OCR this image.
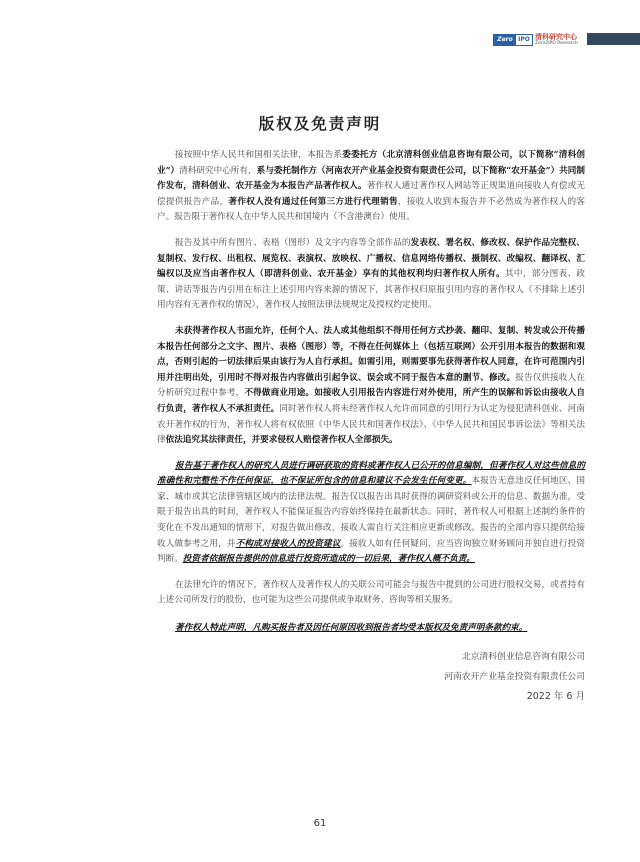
Zero IPO 清科研究中心
Zero2IPO Research
版权及免责声明

接按照中华人民共和国相关法律，本报告系委委托方（北京清科创业信息咨询有限公司，以下简称“清科创业”）清科研究中心所有，系与委托制作方（河南农开产业基金投资有限责任公司，以下简称“农开基金”）共同制作发布，清科创业、农开基金为本报告产品著作权人。著作权人通过著作权人网站等正规渠道向接收人有偿或无偿提供报告产品，著作权人没有通过任何第三方进行代理销售，接收人收到本报告并不必然成为著作权人的客户。报告限于著作权人在中华人民共和国境内（不含港澳台）使用。

报告及其中所有图片、表格（图形）及文字内容等全部作品的发表权、署名权、修改权、保护作品完整权、复制权、发行权、出租权、展览权、表演权、放映权、广播权、信息网络传播权、摄制权、改编权、翻译权、汇编权以及应当由著作权人（即清科创业、农开基金）享有的其他权利均归著作权人所有。其中，部分图表、政策、讲话等报告内引用在标注上述引用内容来源的情况下，其著作权归原报引用内容的著作权人（不排除上述引用内容有无著作权的情况），著作权人按照法律法规规定及授权约定使用。

未获得著作权人书面允许，任何个人、法人或其他组织不得用任何方式抄袭、翻印、复制、转发或公开传播本报告任何部分之文字、图片、表格（图形）等，不得在任何媒体上（包括互联网）公开引用本报告的数据和观点，否则引起的一切法律后果由该行为人自行承担。如需引用，则需要事先获得著作权人同意，在许可范围内引用并注明出处，引用时不得对报告内容做出引起争议、误会或不同于报告本意的删节、修改。报告仅供接收人在分析研究过程中参考，不得做商业用途。如接收人引用报告内容进行对外使用，所产生的误解和诉讼由接收人自行负责，著作权人不承担责任。同时著作权人将未经著作权人允许而同意的引用行为认定为侵犯清科创业、河南农开著作权的行为，著作权人将有权依照《中华人民共和国著作权法》、《中华人民共和国民事诉讼法》等相关法律依法追究其法律责任，并要求侵权人赔偿著作权人全部损失。

报告基于著作权人的研究人员进行调研获取的资料或著作权人已公开的信息编制，但著作权人对这些信息的准确性和完整性不作任何保证，也不保证所包含的信息和建议不会发生任何变更。本报告无意违反任何地区、国家、城市或其它法律管辖区域内的法律法规。报告仅以报告出具时获得的调研资料或公开的信息、数据为准，受限于报告出具的时间，著作权人不能保证报告内容始终保持在最新状态。同时，著作权人可根据上述制约条件的变化在不发出通知的情形下，对报告做出修改，接收人需自行关注相应更新或修改。报告的全部内容只提供给接收人做参考之用，并不构成对接收人的投资建议。接收人如有任何疑问，应当咨询独立财务顾问并独自进行投资判断。投资者依据报告提供的信息进行投资所造成的一切后果，著作权人概不负责。

在法律允许的情况下，著作权人及著作权人的关联公司可能会与报告中提到的公司进行股权交易，或者持有上述公司所发行的股份，也可能为这些公司提供或争取财务、咨询等相关服务。

著作权人特此声明，凡购买报告者及因任何原因收到报告者均受本版权及免责声明条款约束。

北京清科创业信息咨询有限公司
河南农开产业基金投资有限责任公司
2022 年 6 月
61
